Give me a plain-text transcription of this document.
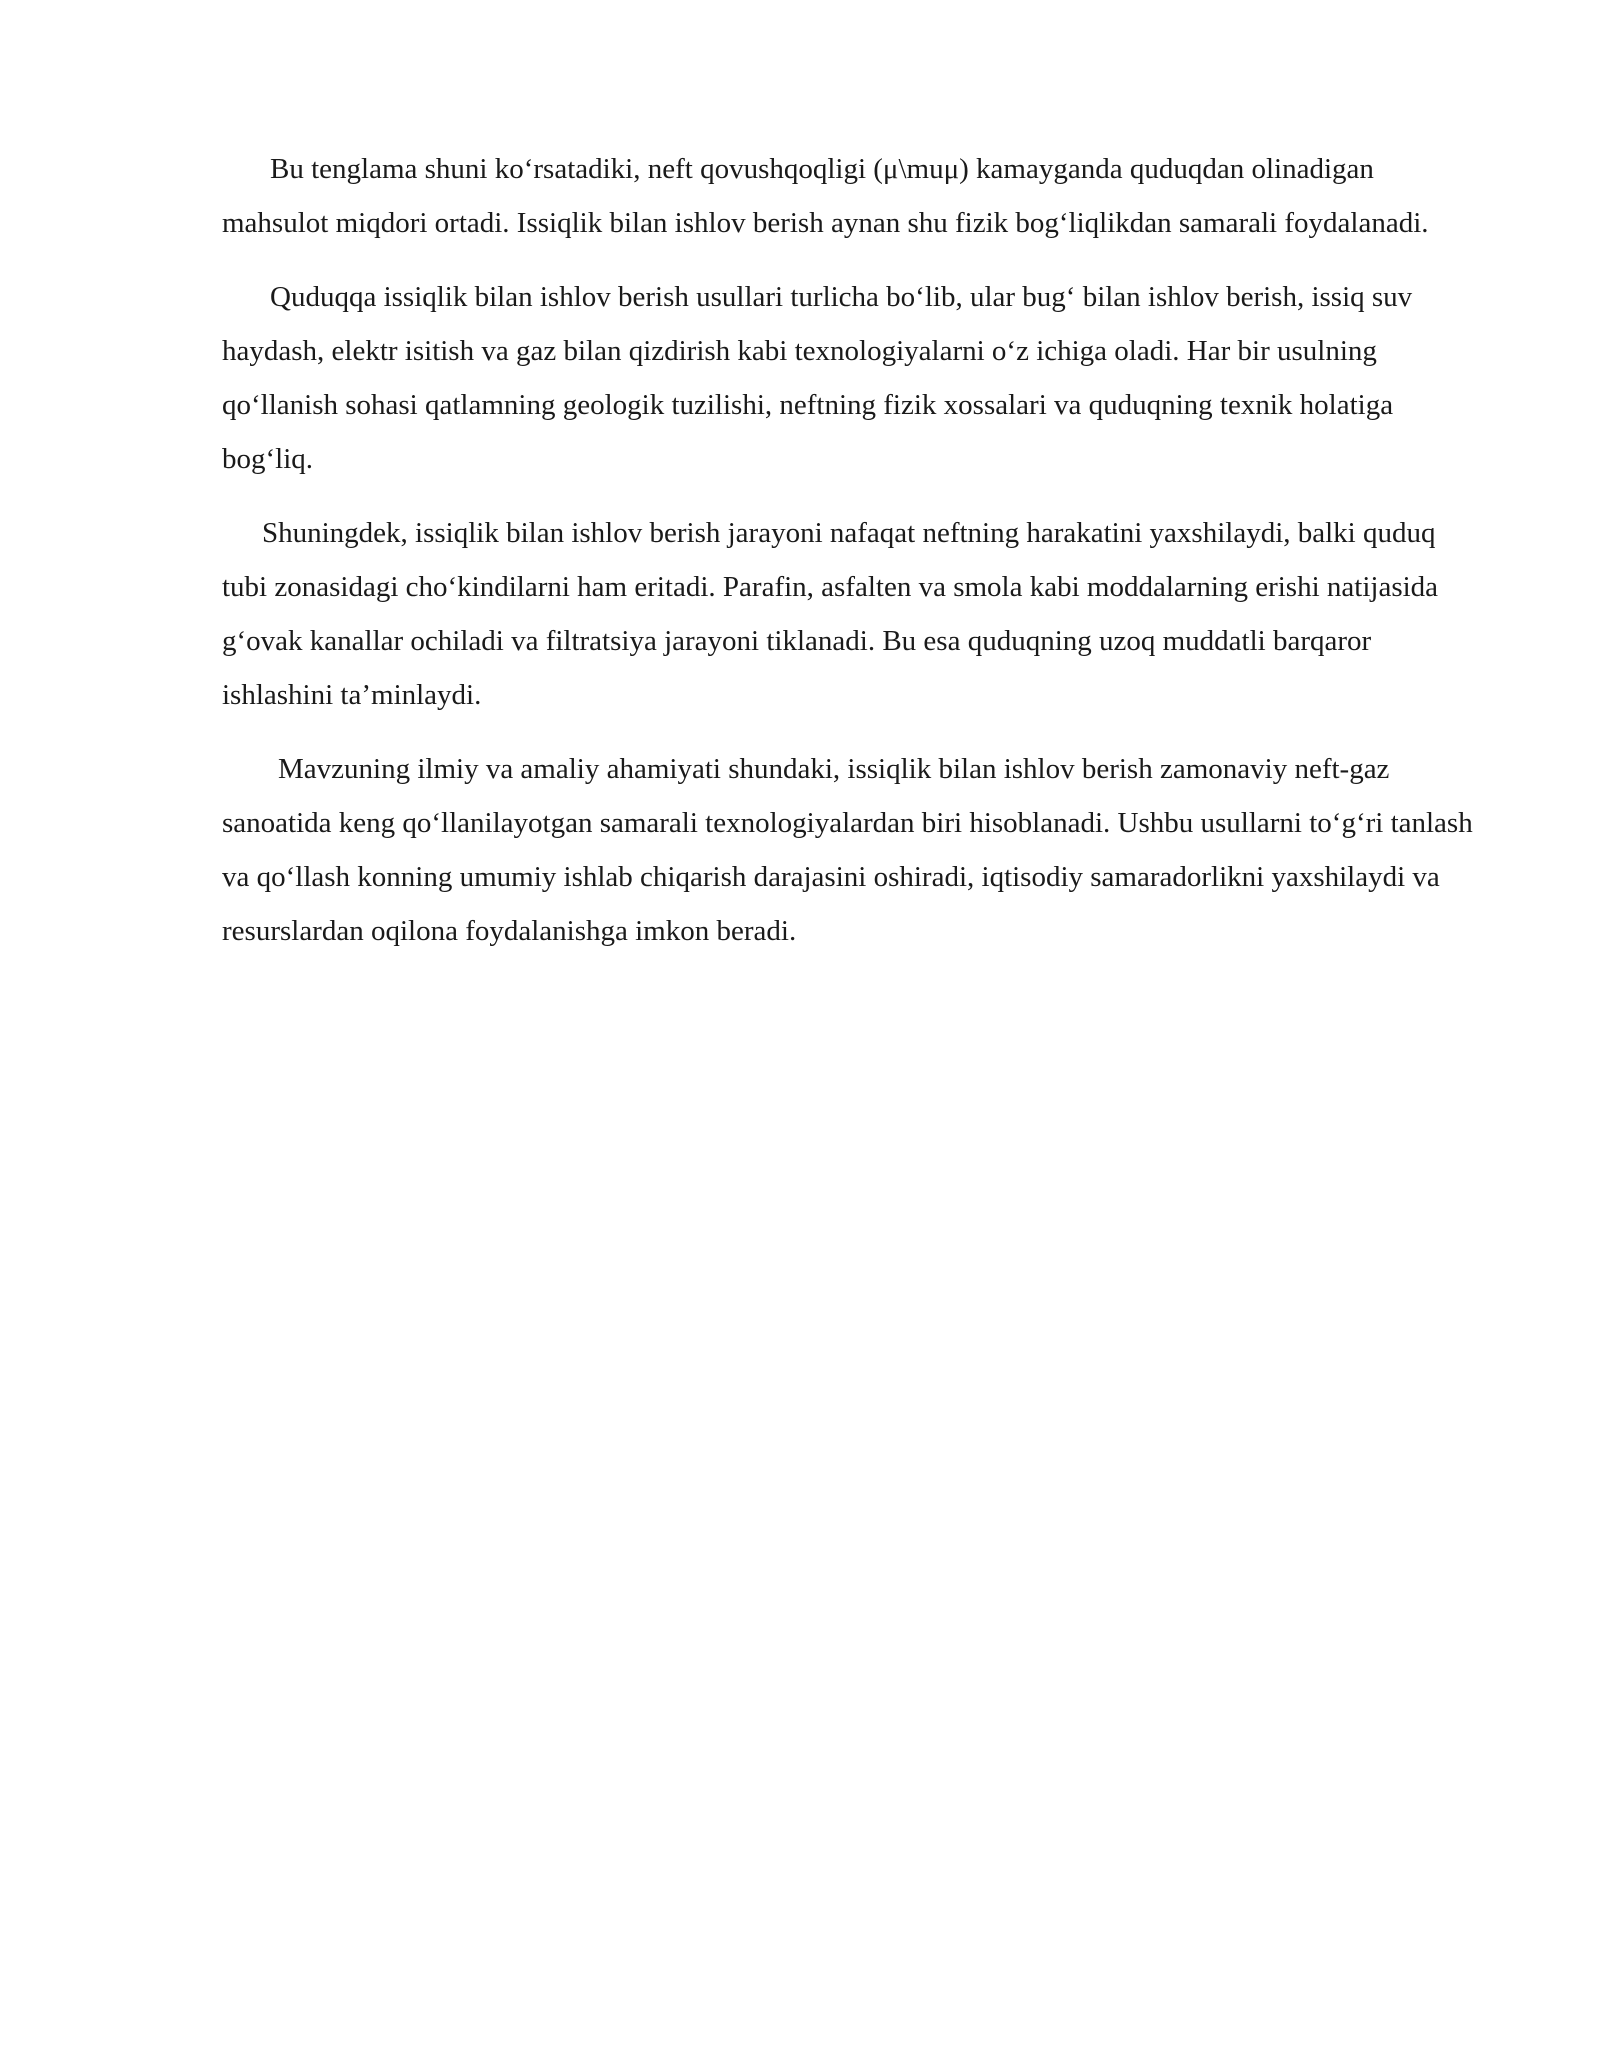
Bu tenglama shuni koʻrsatadiki, neft qovushqoqligi (μ\muμ) kamayganda quduqdan olinadigan mahsulot miqdori ortadi. Issiqlik bilan ishlov berish aynan shu fizik bogʻliqlikdan samarali foydalanadi.

Quduqqa issiqlik bilan ishlov berish usullari turlicha boʻlib, ular bugʻ bilan ishlov berish, issiq suv haydash, elektr isitish va gaz bilan qizdirish kabi texnologiyalarni oʻz ichiga oladi. Har bir usulning qoʻllanish sohasi qatlamning geologik tuzilishi, neftning fizik xossalari va quduqning texnik holatiga bogʻliq.

Shuningdek, issiqlik bilan ishlov berish jarayoni nafaqat neftning harakatini yaxshilaydi, balki quduq tubi zonasidagi choʻkindilarni ham eritadi. Parafin, asfalten va smola kabi moddalarning erishi natijasida gʻovak kanallar ochiladi va filtratsiya jarayoni tiklanadi. Bu esa quduqning uzoq muddatli barqaror ishlashini ta’minlaydi.

Mavzuning ilmiy va amaliy ahamiyati shundaki, issiqlik bilan ishlov berish zamonaviy neft-gaz sanoatida keng qoʻllanilayotgan samarali texnologiyalardan biri hisoblanadi. Ushbu usullarni toʻgʻri tanlash va qoʻllash konning umumiy ishlab chiqarish darajasini oshiradi, iqtisodiy samaradorlikni yaxshilaydi va resurslardan oqilona foydalanishga imkon beradi.
